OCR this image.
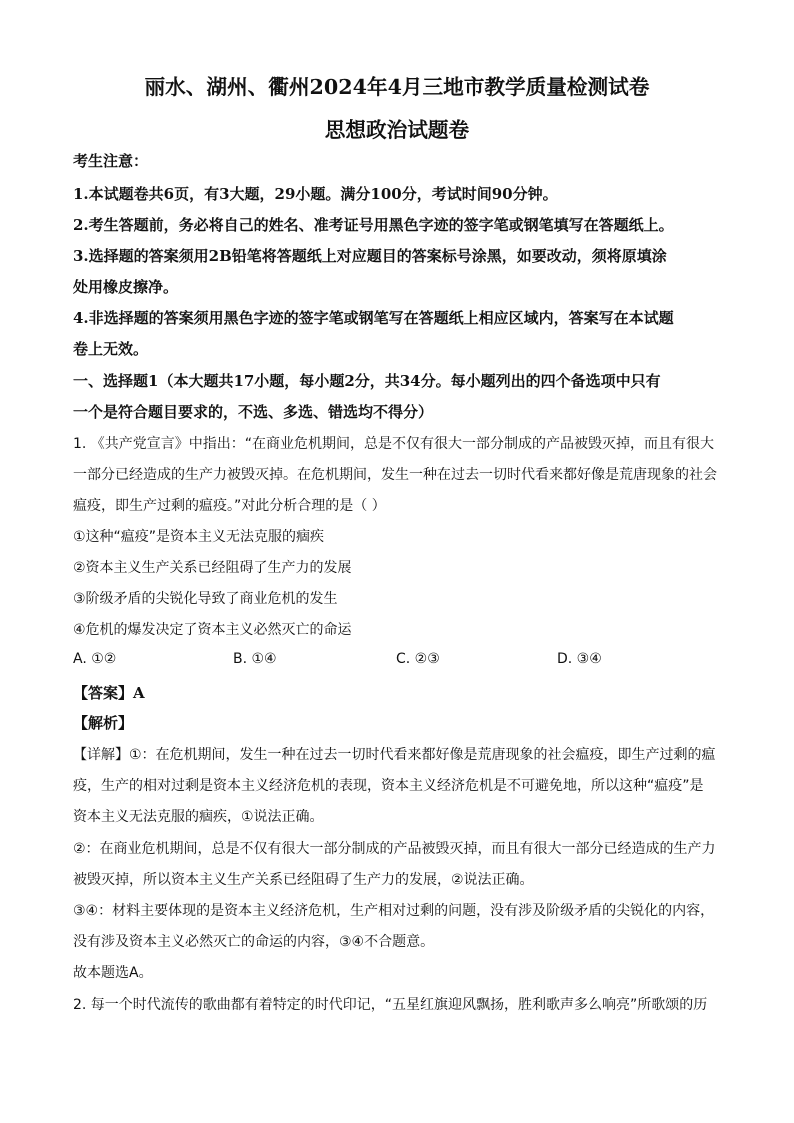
丽水、湖州、衢州2024年4月三地市教学质量检测试卷
思想政治试题卷
考生注意：
1.本试题卷共6页，有3大题，29小题。满分100分，考试时间90分钟。
2.考生答题前，务必将自己的姓名、准考证号用黑色字迹的签字笔或钢笔填写在答题纸上。
3.选择题的答案须用2B铅笔将答题纸上对应题目的答案标号涂黑，如要改动，须将原填涂
处用橡皮擦净。
4.非选择题的答案须用黑色字迹的签字笔或钢笔写在答题纸上相应区域内，答案写在本试题
卷上无效。
一、选择题1（本大题共17小题，每小题2分，共34分。每小题列出的四个备选项中只有
一个是符合题目要求的，不选、多选、错选均不得分）
1. 《共产党宣言》中指出：“在商业危机期间，总是不仅有很大一部分制成的产品被毁灭掉，而且有很大
一部分已经造成的生产力被毁灭掉。在危机期间，发生一种在过去一切时代看来都好像是荒唐现象的社会
瘟疫，即生产过剩的瘟疫。”对此分析合理的是（ ）
①这种“瘟疫”是资本主义无法克服的痼疾
②资本主义生产关系已经阻碍了生产力的发展
③阶级矛盾的尖锐化导致了商业危机的发生
④危机的爆发决定了资本主义必然灭亡的命运
A. ①②	B. ①④	C. ②③	D. ③④
【答案】A
【解析】
【详解】①：在危机期间，发生一种在过去一切时代看来都好像是荒唐现象的社会瘟疫，即生产过剩的瘟
疫，生产的相对过剩是资本主义经济危机的表现，资本主义经济危机是不可避免地，所以这种“瘟疫”是
资本主义无法克服的痼疾，①说法正确。
②：在商业危机期间，总是不仅有很大一部分制成的产品被毁灭掉，而且有很大一部分已经造成的生产力
被毁灭掉，所以资本主义生产关系已经阻碍了生产力的发展，②说法正确。
③④：材料主要体现的是资本主义经济危机，生产相对过剩的问题，没有涉及阶级矛盾的尖锐化的内容，
没有涉及资本主义必然灭亡的命运的内容，③④不合题意。
故本题选A。
2. 每一个时代流传的歌曲都有着特定的时代印记，“五星红旗迎风飘扬，胜利歌声多么响亮”所歌颂的历
